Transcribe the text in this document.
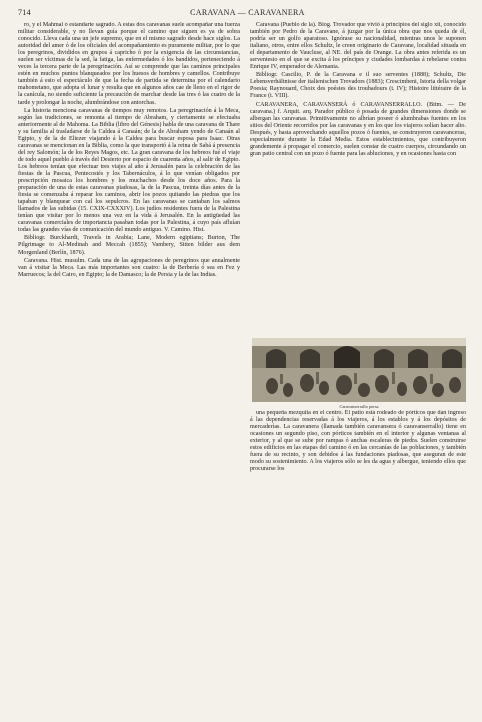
714	CARAVANA — CARAVANERA

ro, y el Mahmal ó estandarte sagrado. A estas dos caravanas suele acompañar una fuerza militar considerable, y no llevan guía porque el camino que siguen es ya de sobra conocido. Lleva cada una un jefe supremo, que en el mismo sagrado desde hace siglos. La autoridad del amer ó de los oficiales del acompañamiento es puramente militar, por lo que los peregrinos, divididos en grupos á capricho ó por la exigencia de las circunstancias, suelen ser víctimas de la sed, la fatiga, las enfermedades ó los bandidos, perteneciendo á veces la tercera parte de la peregrinación. Así se comprende que las caminos principales estén en muchos puntos blanqueados por los huesos de hombres y camellos. Contribuye también á esto el espectáculo de que la fecha de partida se determina por el calendario mahometano, que adopta el lunar y resulta que en algunos años cae de lleno en el rigor de la canícula, no siendo suficiente la precaución de marchar desde las tres ó las cuatro de la tarde y prolongar la noche, alumbrándose con antorchas.

La historia menciona caravanas de tiempos muy remotos. La peregrinación á la Meca, según las tradiciones, se remonta al tiempo de Abraham, y ciertamente se efectuaba anteriormente al de Mahoma. La Biblia (libro del Génesis) habla de una caravana de Thare y su familia al trasladarse de la Caldea á Canaán; de la de Abraham yendo de Canaán al Egipto, y de la de Eliezer viajando á la Caldea para buscar esposa para Isaac. Otras caravanas se mencionan en la Biblia, como la que transportó á la reina de Sabá á presencia del rey Salomón; la de los Reyes Magos, etc. La gran caravana de los hebreos fué el viaje de todo aquel pueblo á través del Desierto por espacio de cuarenta años, al salir de Egipto. Los hebreos tenían que efectuar tres viajes al año á Jerusalén para la celebración de las fiestas de la Pascua, Pentecostés y los Tabernáculos, á lo que venían obligados por prescripción mosaica los hombres y los muchachos desde los doce años. Para la preparación de una de estas caravanas piadosas, la de la Pascua, treinta días antes de la fiesta se comenzaba á reparar los caminos, abrir los pozos quitando las piedras que los tapaban y blanquear con cal los sepulcros. En las caravanas se cantaban los salmos llamados de las subidas (15. CXIX-CXXXIV). Los judíos residentes fuera de la Palestina tenían que visitar por lo menos una vez en la vida á Jerusalén. En la antigüedad las caravanas comerciales de importancia pasaban todas por la Palestina, á cuyo país afluían todas las grandes vías de comunicación del mundo antiguo. V. Camino. Hist.

Bibliogr. Burckhardt, Travels in Arabia; Lane, Modern egiptians; Burton, The Pilgrimage to Al-Medinah and Meccah (1855); Vambery, Sitten bilder aus dem Morgenland (Berlín, 1876).

Caravana. Hist. musulm. Cada una de las agrupaciones de peregrinos que anualmente van á visitar la Meca. Las más importantes son cuatro: la de Berbería ó sea en Fez y Marruecos; la del Cairo, en Egipto; la de Damasco; la de Persia y la de las Indias.

Caravana (Pueblo de la). Biog. Trovador que vivió á principios del siglo xii, conocido también por Pedro de la Caravane, á juzgar por la única obra que nos queda de él, podría ser un golfo aparatoso. Ignórase su nacionalidad, mientras unos le suponen italiano, otros, entre ellos Schultz, le creen originario de Caravane, localidad situada en el departamento de Vaucluse, al NE. del país de Orange. La obra antes referida es un serventesio en el que se excita á los príncipes y ciudades lombardas á rebelarse contra Enrique IV, emperador de Alemania.

Bibliogr. Cascilio, P. de la Caravana e il suo serventes (1888); Schultz, Die Lebensverhältnisse der italienischen Trovadors (1883); Crescimbeni, Istoria della volgar Poesia; Raynouard, Choix des poésies des troubadours (t. IV); Histoire littéraire de la France (t. VIII).

CARAVANERA, CARAVANSERÁ ó CARAVANSERRALLO. (Bitm. — De caravana.) f. Arquit. arq. Parador público ó posada de grandes dimensiones donde se albergan las caravanas. Primitivamente no albrían poseer ó alumbrabas fuentes en los sitios del Oriente recorridos por las caravanas y en los que los viajeros solían hacer alto. Después, y hasta aprovechando aquellos pozos ó fuentes, se construyeron caravanceras, especialmente durante la Edad Media. Estos establecimientos, que contribuyeron grandemente á propagar el comercio, suelen constar de cuatro cuerpos, circundando un gran patio central con un pozo ó fuente para las abluciones, y en ocasiones hasta con

Caravanserrallo persa

una pequeña mezquita en el centro. El patio está rodeado de pórticos que dan ingreso á las dependencias reservadas á los viajeros, á los establos y á los depósitos de mercaderías. La caravanera (llamada también caravansera ó caravanserrallo) tiene en ocasiones un segundo piso, con pórticos también en el interior y algunas ventanas al exterior, y al que se sube por rampas ó anchas escaleras de piedra. Suelen construirse estos edificios en las etapas del camino ó en las cercanías de las poblaciones, y también fuera de su recinto, y son debidos á las fundaciones piadosas, que aseguran de este modo su sostenimiento. A los viajeros sólo se les da agua y albergue, teniendo ellos que procurarse los
